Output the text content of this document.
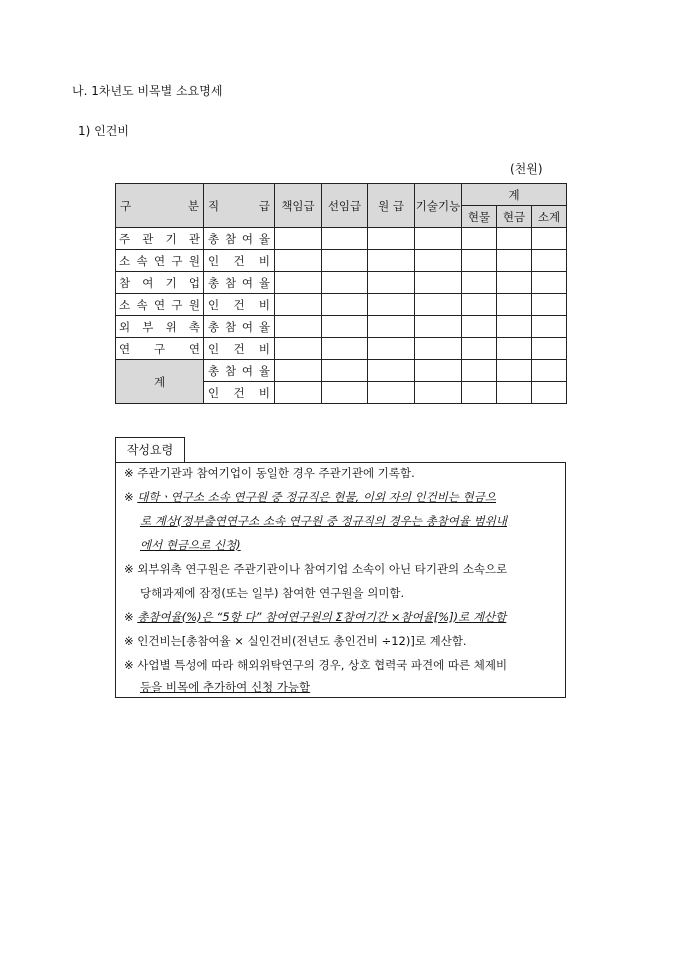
나. 1차년도 비목별 소요명세
1) 인건비
(천원)
구 분	직 급	책임급	선임급	원 급	기술기능	계		
						현물	현금	소계
주 관 기 관	총 참 여 율							
소 속 연 구 원	인 건 비							
참 여 기 업	총 참 여 율							
소 속 연 구 원	인 건 비							
외 부 위 촉	총 참 여 율							
연 구 연	인 건 비							
계	총 참 여 율							
	인 건 비							
작성요령
※ 주관기관과 참여기업이 동일한 경우 주관기관에 기록함.
※ 대학ㆍ연구소 소속 연구원 중 정규직은 현물, 이외 자의 인건비는 현금으
로 계상(정부출연연구소 소속 연구원 중 정규직의 경우는 총참여율 범위내
에서 현금으로 신청)
※ 외부위촉 연구원은 주관기관이나 참여기업 소속이 아닌 타기관의 소속으로
당해과제에 잠정(또는 일부) 참여한 연구원을 의미함.
※ 총참여율(%)은 “5항 다” 참여연구원의 Σ참여기간 ×참여율[%])로 계산함
※ 인건비는[총참여율 × 실인건비(전년도 총인건비 ÷12)]로 계산함.
※ 사업별 특성에 따라 해외위탁연구의 경우, 상호 협력국 파견에 따른 체제비
등을 비목에 추가하여 신청 가능함
